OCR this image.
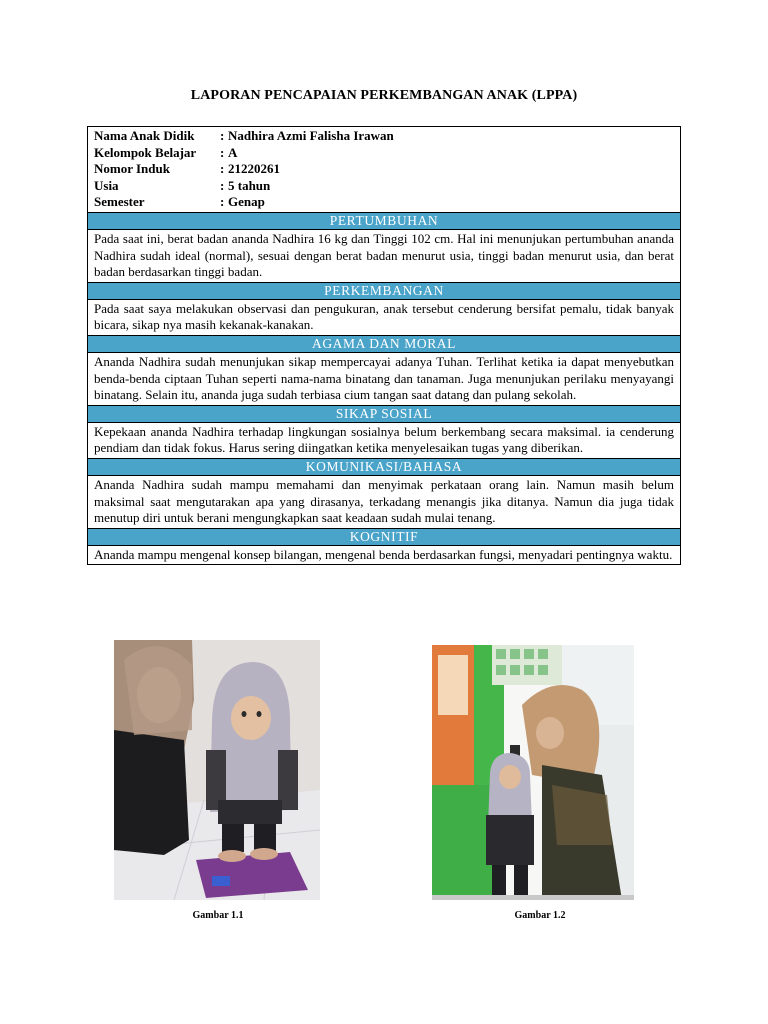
LAPORAN PENCAPAIAN PERKEMBANGAN ANAK (LPPA)
Nama Anak Didik	: Nadhira Azmi Falisha Irawan
Kelompok Belajar	: A
Nomor Induk	: 21220261
Usia	: 5 tahun
Semester	: Genap
PERTUMBUHAN
Pada saat ini, berat badan ananda Nadhira 16 kg dan Tinggi 102 cm. Hal ini menunjukan pertumbuhan ananda Nadhira sudah ideal (normal), sesuai dengan berat badan menurut usia, tinggi badan menurut usia, dan berat badan berdasarkan tinggi badan.
PERKEMBANGAN
Pada saat saya melakukan observasi dan pengukuran, anak tersebut cenderung bersifat pemalu, tidak banyak bicara, sikap nya masih kekanak-kanakan.
AGAMA DAN MORAL
Ananda Nadhira sudah menunjukan sikap mempercayai adanya Tuhan. Terlihat ketika ia dapat menyebutkan benda-benda ciptaan Tuhan seperti nama-nama binatang dan tanaman. Juga menunjukan perilaku menyayangi binatang. Selain itu, ananda juga sudah terbiasa cium tangan saat datang dan pulang sekolah.
SIKAP SOSIAL
Kepekaan ananda Nadhira terhadap lingkungan sosialnya belum berkembang secara maksimal. ia cenderung pendiam dan tidak fokus. Harus sering diingatkan ketika menyelesaikan tugas yang diberikan.
KOMUNIKASI/BAHASA
Ananda Nadhira sudah mampu memahami dan menyimak perkataan orang lain. Namun masih belum maksimal saat mengutarakan apa yang dirasanya, terkadang menangis jika ditanya. Namun dia juga tidak menutup diri untuk berani mengungkapkan saat keadaan sudah mulai tenang.
KOGNITIF
Ananda mampu mengenal konsep bilangan, mengenal benda berdasarkan fungsi, menyadari pentingnya waktu.
Gambar 1.1	Gambar 1.2
